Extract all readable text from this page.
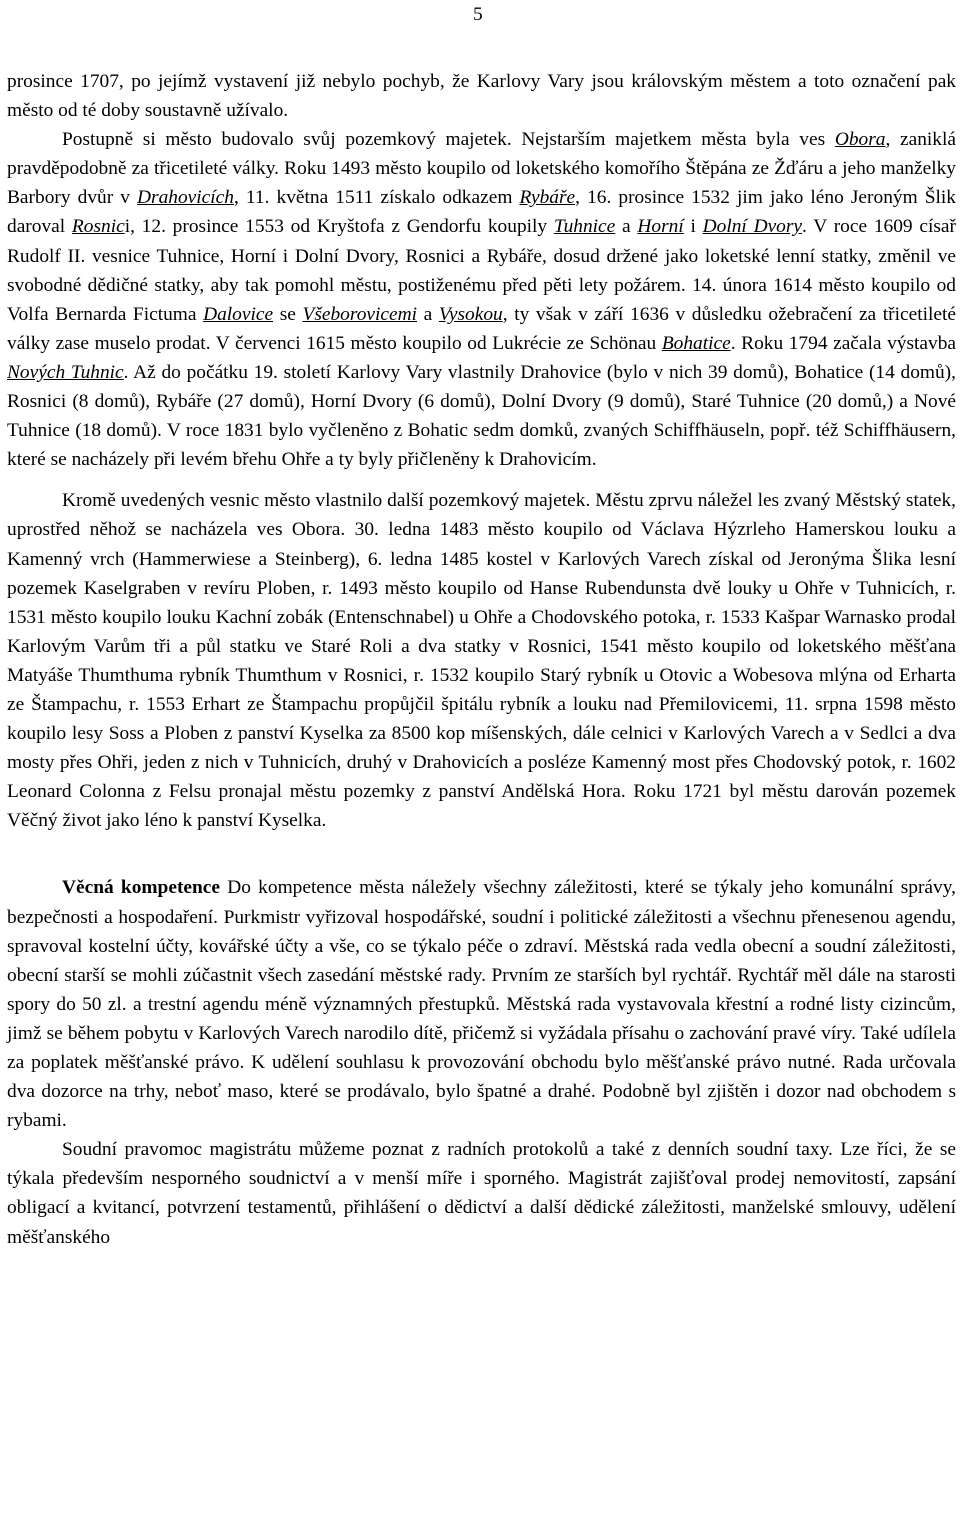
5

prosince 1707, po jejímž vystavení již nebylo pochyb, že Karlovy Vary jsou královským městem a toto označení pak město od té doby soustavně užívalo.

Postupně si město budovalo svůj pozemkový majetek. Nejstarším majetkem města byla ves Obora, zaniklá pravděpodobně za třicetileté války. Roku 1493 město koupilo od loketského komořího Štěpána ze Žďáru a jeho manželky Barbory dvůr v Drahovicích, 11. května 1511 získalo odkazem Rybáře, 16. prosince 1532 jim jako léno Jeroným Šlik daroval Rosnici, 12. prosince 1553 od Kryštofa z Gendorfu koupily Tuhnice a Horní i Dolní Dvory. V roce 1609 císař Rudolf II. vesnice Tuhnice, Horní i Dolní Dvory, Rosnici a Rybáře, dosud držené jako loketské lenní statky, změnil ve svobodné dědičné statky, aby tak pomohl městu, postiženému před pěti lety požárem. 14. února 1614 město koupilo od Volfa Bernarda Fictuma Dalovice se Všeborovicemi a Vysokou, ty však v září 1636 v důsledku ožebračení za třicetileté války zase muselo prodat. V červenci 1615 město koupilo od Lukrécie ze Schönau Bohatice. Roku 1794 začala výstavba Nových Tuhnic. Až do počátku 19. století Karlovy Vary vlastnily Drahovice (bylo v nich 39 domů), Bohatice (14 domů), Rosnici (8 domů), Rybáře (27 domů), Horní Dvory (6 domů), Dolní Dvory (9 domů), Staré Tuhnice (20 domů,) a Nové Tuhnice (18 domů). V roce 1831 bylo vyčleněno z Bohatic sedm domků, zvaných Schiffhäuseln, popř. též Schiffhäusern, které se nacházely při levém břehu Ohře a ty byly přičleněny k Drahovicím.

Kromě uvedených vesnic město vlastnilo další pozemkový majetek. Městu zprvu náležel les zvaný Městský statek, uprostřed něhož se nacházela ves Obora. 30. ledna 1483 město koupilo od Václava Hýzrleho Hamerskou louku a Kamenný vrch (Hammerwiese a Steinberg), 6. ledna 1485 kostel v Karlových Varech získal od Jeronýma Šlika lesní pozemek Kaselgraben v revíru Ploben, r. 1493 město koupilo od Hanse Rubendunsta dvě louky u Ohře v Tuhnicích, r. 1531 město koupilo louku Kachní zobák (Entenschnabel) u Ohře a Chodovského potoka, r. 1533 Kašpar Warnasko prodal Karlovým Varům tři a půl statku ve Staré Roli a dva statky v Rosnici, 1541 město koupilo od loketského měšťana Matyáše Thumthuma rybník Thumthum v Rosnici, r. 1532 koupilo Starý rybník u Otovic a Wobesova mlýna od Erharta ze Štampachu, r. 1553 Erhart ze Štampachu propůjčil špitálu rybník a louku nad Přemilovicemi, 11. srpna 1598 město koupilo lesy Soss a Ploben z panství Kyselka za 8500 kop míšenských, dále celnici v Karlových Varech a v Sedlci a dva mosty přes Ohři, jeden z nich v Tuhnicích, druhý v Drahovicích a posléze Kamenný most přes Chodovský potok, r. 1602 Leonard Colonna z Felsu pronajal městu pozemky z panství Andělská Hora. Roku 1721 byl městu darován pozemek Věčný život jako léno k panství Kyselka.

Věcná kompetence Do kompetence města náležely všechny záležitosti, které se týkaly jeho komunální správy, bezpečnosti a hospodaření. Purkmistr vyřizoval hospodářské, soudní i politické záležitosti a všechnu přenesenou agendu, spravoval kostelní účty, kovářské účty a vše, co se týkalo péče o zdraví. Městská rada vedla obecní a soudní záležitosti, obecní starší se mohli zúčastnit všech zasedání městské rady. Prvním ze starších byl rychtář. Rychtář měl dále na starosti spory do 50 zl. a trestní agendu méně významných přestupků. Městská rada vystavovala křestní a rodné listy cizincům, jimž se během pobytu v Karlových Varech narodilo dítě, přičemž si vyžádala přísahu o zachování pravé víry. Také udílela za poplatek měšťanské právo. K udělení souhlasu k provozování obchodu bylo měšťanské právo nutné. Rada určovala dva dozorce na trhy, neboť maso, které se prodávalo, bylo špatné a drahé. Podobně byl zjištěn i dozor nad obchodem s rybami.

Soudní pravomoc magistrátu můžeme poznat z radních protokolů a také z denních soudní taxy. Lze říci, že se týkala především nesporného soudnictví a v menší míře i sporného. Magistrát zajišťoval prodej nemovitostí, zapsání obligací a kvitancí, potvrzení testamentů, přihlášení o dědictví a další dědické záležitosti, manželské smlouvy, udělení měšťanského
